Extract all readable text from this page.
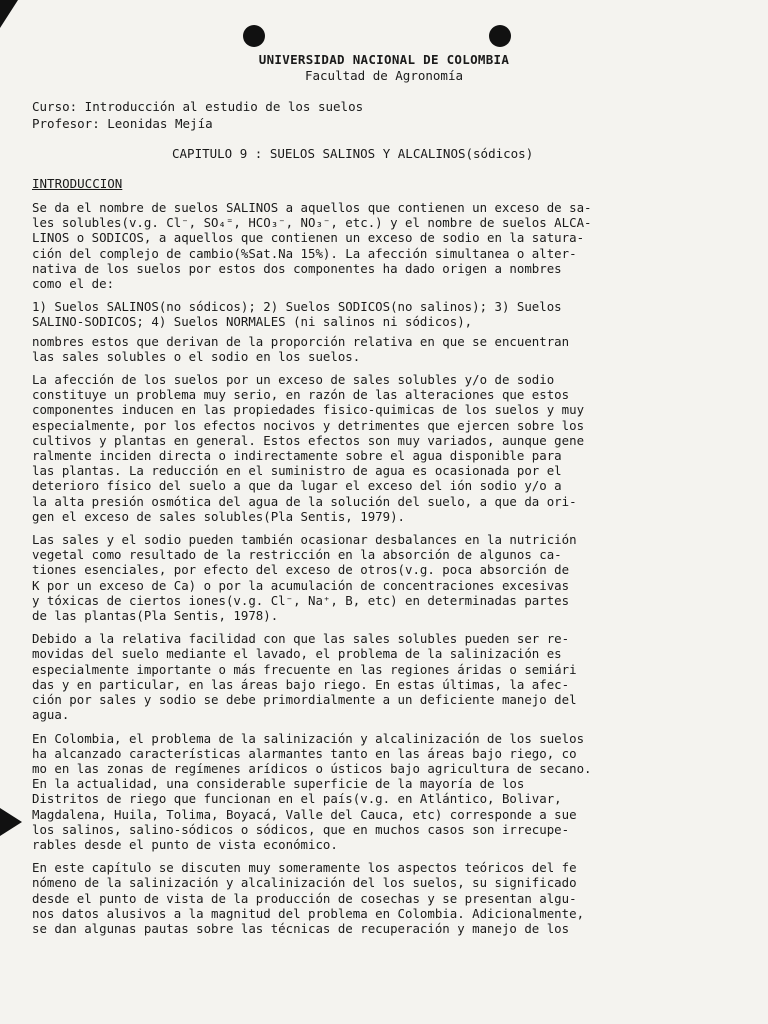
UNIVERSIDAD NACIONAL DE COLOMBIA
Facultad de Agronomía
Curso: Introducción al estudio de los suelos
Profesor: Leonidas Mejía
CAPITULO 9 : SUELOS SALINOS Y ALCALINOS(sódicos)
INTRODUCCION

Se da el nombre de suelos SALINOS a aquellos que contienen un exceso de sa-
les solubles(v.g. Cl⁻, SO₄⁼, HCO₃⁻, NO₃⁻, etc.) y el nombre de suelos ALCA-
LINOS o SODICOS, a aquellos que contienen un exceso de sodio en la satura-
ción del complejo de cambio(%Sat.Na 15%). La afección simultanea o alter-
nativa de los suelos por estos dos componentes ha dado origen a nombres
como el de:

1) Suelos SALINOS(no sódicos); 2) Suelos SODICOS(no salinos); 3) Suelos
SALINO-SODICOS; 4) Suelos NORMALES (ni salinos ni sódicos),

nombres estos que derivan de la proporción relativa en que se encuentran
las sales solubles o el sodio en los suelos.

La afección de los suelos por un exceso de sales solubles y/o de sodio
constituye un problema muy serio, en razón de las alteraciones que estos
componentes inducen en las propiedades fisico-quimicas de los suelos y muy
especialmente, por los efectos nocivos y detrimentes que ejercen sobre los
cultivos y plantas en general. Estos efectos son muy variados, aunque gene
ralmente inciden directa o indirectamente sobre el agua disponible para
las plantas. La reducción en el suministro de agua es ocasionada por el
deterioro físico del suelo a que da lugar el exceso del ión sodio y/o a
la alta presión osmótica del agua de la solución del suelo, a que da ori-
gen el exceso de sales solubles(Pla Sentis, 1979).

Las sales y el sodio pueden también ocasionar desbalances en la nutrición
vegetal como resultado de la restricción en la absorción de algunos ca-
tiones esenciales, por efecto del exceso de otros(v.g. poca absorción de
K por un exceso de Ca) o por la acumulación de concentraciones excesivas
y tóxicas de ciertos iones(v.g. Cl⁻, Na⁺, B, etc) en determinadas partes
de las plantas(Pla Sentis, 1978).

Debido a la relativa facilidad con que las sales solubles pueden ser re-
movidas del suelo mediante el lavado, el problema de la salinización es
especialmente importante o más frecuente en las regiones áridas o semiári
das y en particular, en las áreas bajo riego. En estas últimas, la afec-
ción por sales y sodio se debe primordialmente a un deficiente manejo del
agua.

En Colombia, el problema de la salinización y alcalinización de los suelos
ha alcanzado características alarmantes tanto en las áreas bajo riego, co
mo en las zonas de regímenes arídicos o ústicos bajo agricultura de secano.
En la actualidad, una considerable superficie de la mayoría de los
Distritos de riego que funcionan en el país(v.g. en Atlántico, Bolivar,
Magdalena, Huila, Tolima, Boyacá, Valle del Cauca, etc) corresponde a sue
los salinos, salino-sódicos o sódicos, que en muchos casos son irrecupe-
rables desde el punto de vista económico.

En este capítulo se discuten muy someramente los aspectos teóricos del fe
nómeno de la salinización y alcalinización del los suelos, su significado
desde el punto de vista de la producción de cosechas y se presentan algu-
nos datos alusivos a la magnitud del problema en Colombia. Adicionalmente,
se dan algunas pautas sobre las técnicas de recuperación y manejo de los
